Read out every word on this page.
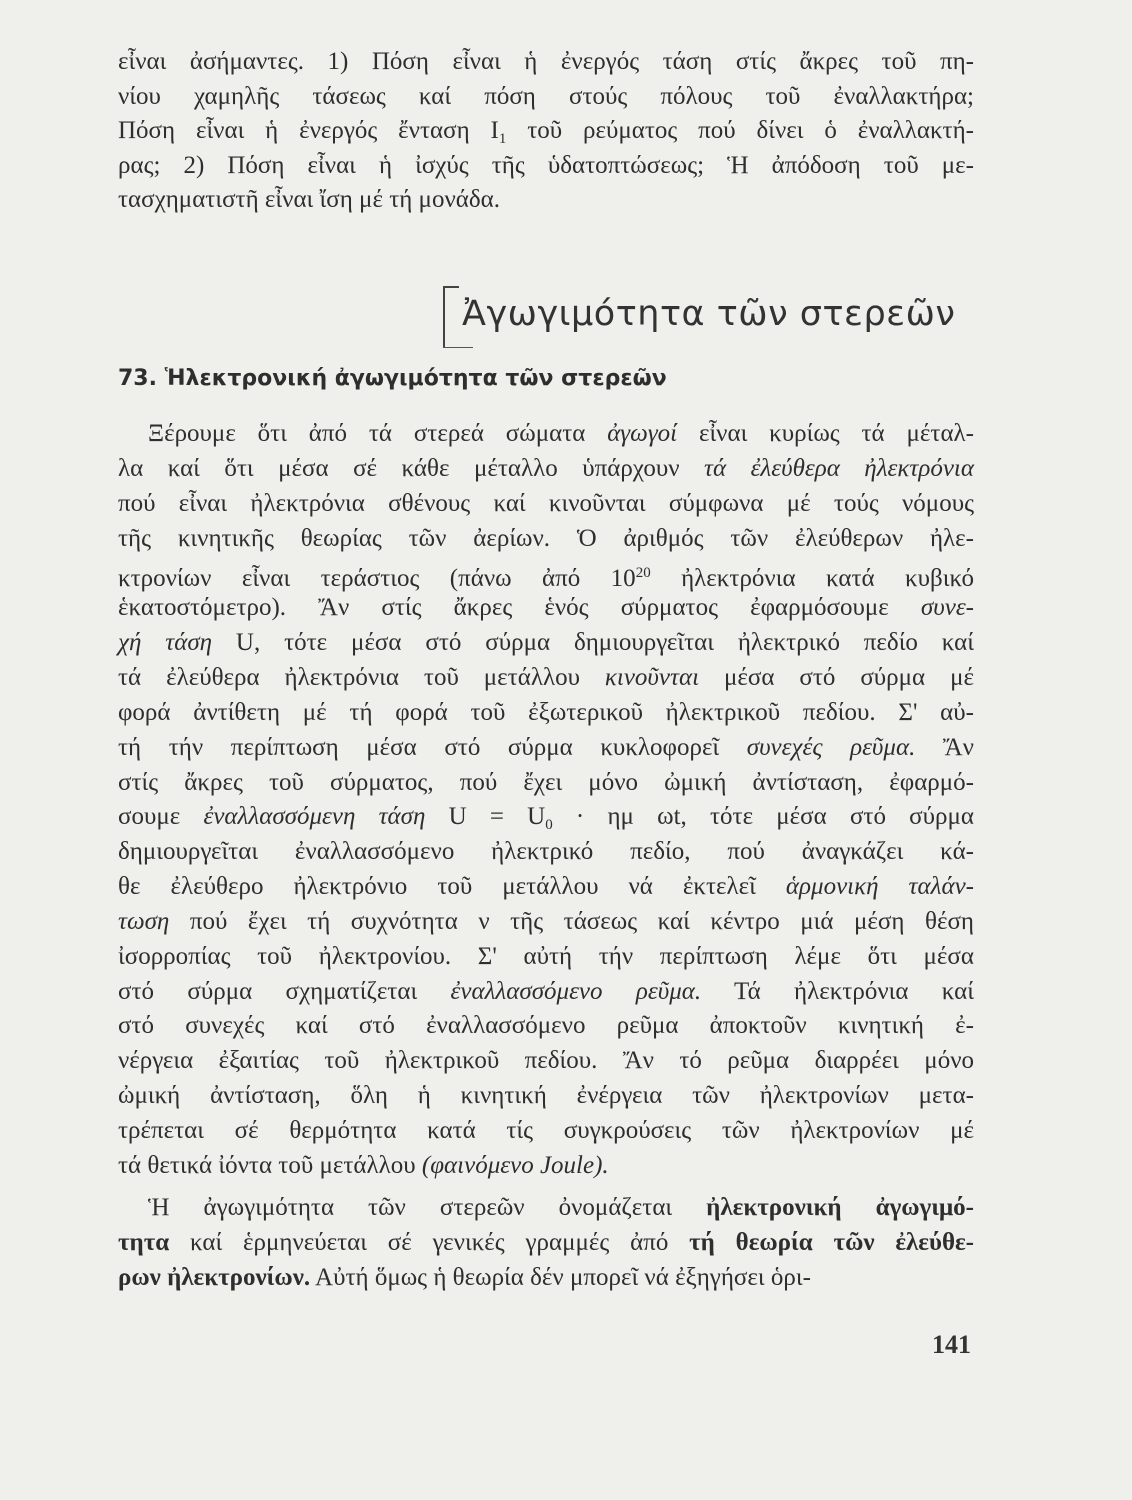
εἶναι ἀσήμαντες. 1) Πόση εἶναι ἡ ἐνεργός τάση στίς ἄκρες τοῦ πη-
νίου χαμηλῆς τάσεως καί πόση στούς πόλους τοῦ ἐναλλακτήρα;
Πόση εἶναι ἡ ἐνεργός ἔνταση $I_1$ τοῦ ρεύματος πού δίνει ὁ ἐναλλακτή-
ρας; 2) Πόση εἶναι ἡ ἰσχύς τῆς ὑδατοπτώσεως; Ἡ ἀπόδοση τοῦ με-
τασχηματιστῆ εἶναι ἴση μέ τή μονάδα.
Ἀγωγιμότητα τῶν στερεῶν
73. Ἡλεκτρονική ἀγωγιμότητα τῶν στερεῶν
Ξέρουμε ὅτι ἀπό τά στερεά σώματα ἀγωγοί εἶναι κυρίως τά μέταλ-
λα καί ὅτι μέσα σέ κάθε μέταλλο ὑπάρχουν τά ἐλεύθερα ἠλεκτρόνια
πού εἶναι ἠλεκτρόνια σθένους καί κινοῦνται σύμφωνα μέ τούς νόμους
τῆς κινητικῆς θεωρίας τῶν ἀερίων. Ὁ ἀριθμός τῶν ἐλεύθερων ἠλε-
κτρονίων εἶναι τεράστιος (πάνω ἀπό $10^{20}$ ἠλεκτρόνια κατά κυβικό
ἑκατοστόμετρο). Ἄν στίς ἄκρες ἑνός σύρματος ἐφαρμόσουμε συνε-
χή τάση U, τότε μέσα στό σύρμα δημιουργεῖται ἠλεκτρικό πεδίο καί
τά ἐλεύθερα ἠλεκτρόνια τοῦ μετάλλου κινοῦνται μέσα στό σύρμα μέ
φορά ἀντίθετη μέ τή φορά τοῦ ἐξωτερικοῦ ἠλεκτρικοῦ πεδίου. Σ' αὐ-
τή τήν περίπτωση μέσα στό σύρμα κυκλοφορεῖ συνεχές ρεῦμα. Ἄν
στίς ἄκρες τοῦ σύρματος, πού ἔχει μόνο ὠμική ἀντίσταση, ἐφαρμό-
σουμε ἐναλλασσόμενη τάση $U = U_0 \cdot \eta\mu$ ωt, τότε μέσα στό σύρμα
δημιουργεῖται ἐναλλασσόμενο ἠλεκτρικό πεδίο, πού ἀναγκάζει κά-
θε ἐλεύθερο ἠλεκτρόνιο τοῦ μετάλλου νά ἐκτελεῖ ἁρμονική ταλάν-
τωση πού ἔχει τή συχνότητα ν τῆς τάσεως καί κέντρο μιά μέση θέση
ἰσορροπίας τοῦ ἠλεκτρονίου. Σ' αὐτή τήν περίπτωση λέμε ὅτι μέσα
στό σύρμα σχηματίζεται ἐναλλασσόμενο ρεῦμα. Τά ἠλεκτρόνια καί
στό συνεχές καί στό ἐναλλασσόμενο ρεῦμα ἀποκτοῦν κινητική ἐ-
νέργεια ἐξαιτίας τοῦ ἠλεκτρικοῦ πεδίου. Ἄν τό ρεῦμα διαρρέει μόνο
ὠμική ἀντίσταση, ὅλη ἡ κινητική ἐνέργεια τῶν ἠλεκτρονίων μετα-
τρέπεται σέ θερμότητα κατά τίς συγκρούσεις τῶν ἠλεκτρονίων μέ
τά θετικά ἰόντα τοῦ μετάλλου (φαινόμενο Joule).
Ἡ ἀγωγιμότητα τῶν στερεῶν ὀνομάζεται ἠλεκτρονική ἀγωγιμό-
τητα καί ἑρμηνεύεται σέ γενικές γραμμές ἀπό τή θεωρία τῶν ἐλεύθε-
ρων ἠλεκτρονίων. Αὐτή ὅμως ἡ θεωρία δέν μπορεῖ νά ἐξηγήσει ὁρι-
141
